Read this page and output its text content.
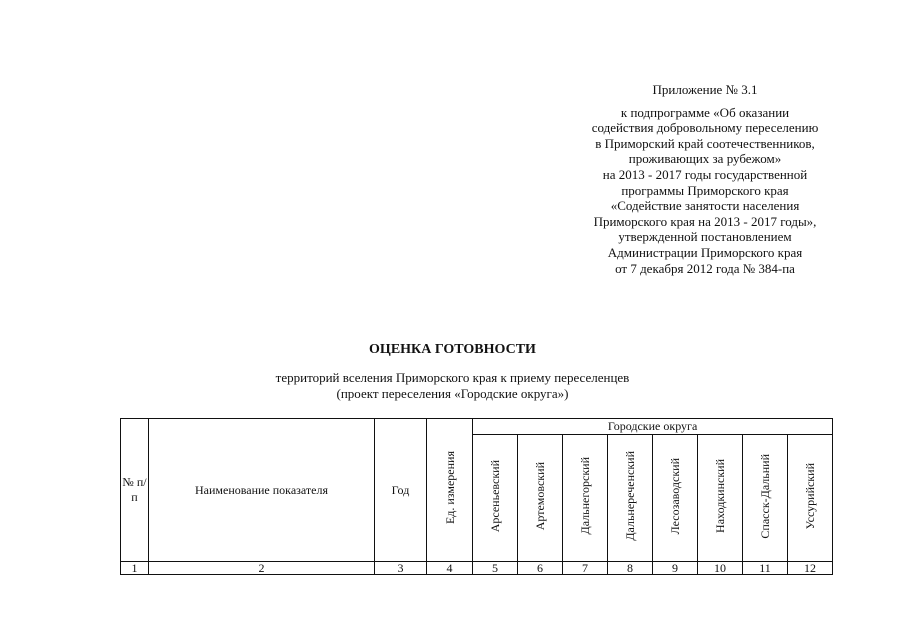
Приложение № 3.1
к подпрограмме «Об оказании
содействия добровольному переселению
в Приморский край соотечественников,
проживающих за рубежом»
на 2013 - 2017 годы государственной
программы Приморского края
«Содействие занятости населения
Приморского края на 2013 - 2017 годы»,
утвержденной постановлением
Администрации Приморского края
от 7 декабря 2012 года № 384-па
ОЦЕНКА ГОТОВНОСТИ
территорий вселения Приморского края к приему переселенцев
(проект переселения «Городские округа»)
№ п/п	Наименование показателя	Год	Ед. измерения	Городские округа							
				Арсеньевский	Артемовский	Дальнегорский	Дальнереченский	Лесозаводский	Находкинский	Спасск-Дальний	Уссурийский
1	2	3	4	5	6	7	8	9	10	11	12
